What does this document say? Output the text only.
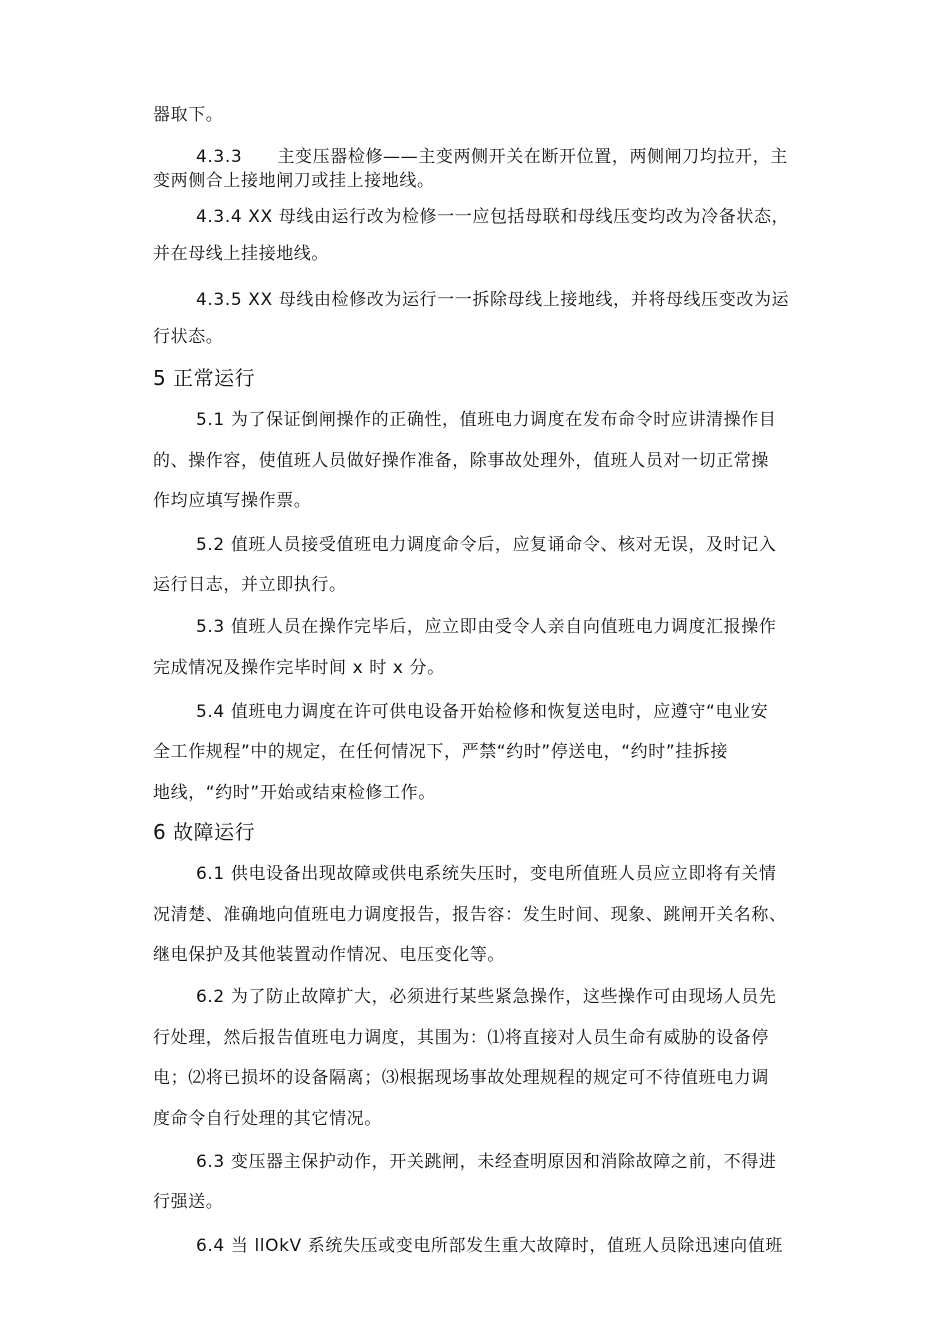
器取下。
4.3.3　　主变压器检修——主变两侧开关在断开位置，两侧闸刀均拉开，主
变两侧合上接地闸刀或挂上接地线。
4.3.4 XX 母线由运行改为检修一一应包括母联和母线压变均改为冷备状态，
并在母线上挂接地线。
4.3.5 XX 母线由检修改为运行一一拆除母线上接地线，并将母线压变改为运
行状态。
5 正常运行
5.1 为了保证倒闸操作的正确性，值班电力调度在发布命令时应讲清操作目
的、操作容，使值班人员做好操作准备，除事故处理外，值班人员对一切正常操
作均应填写操作票。
5.2 值班人员接受值班电力调度命令后，应复诵命令、核对无误，及时记入
运行日志，并立即执行。
5.3 值班人员在操作完毕后，应立即由受令人亲自向值班电力调度汇报操作
完成情况及操作完毕时间 x 时 x 分。
5.4 值班电力调度在许可供电设备开始检修和恢复送电时，应遵守“电业安
全工作规程”中的规定，在任何情况下，严禁“约时”停送电，“约时”挂拆接
地线，“约时”开始或结束检修工作。
6 故障运行
6.1 供电设备出现故障或供电系统失压时，变电所值班人员应立即将有关情
况清楚、准确地向值班电力调度报告，报告容：发生时间、现象、跳闸开关名称、
继电保护及其他装置动作情况、电压变化等。
6.2 为了防止故障扩大，必须进行某些紧急操作，这些操作可由现场人员先
行处理，然后报告值班电力调度，其围为：⑴将直接对人员生命有威胁的设备停
电；⑵将已损坏的设备隔离；⑶根据现场事故处理规程的规定可不待值班电力调
度命令自行处理的其它情况。
6.3 变压器主保护动作，开关跳闸，未经查明原因和消除故障之前，不得进
行强送。
6.4 当 llOkV 系统失压或变电所部发生重大故障时，值班人员除迅速向值班
